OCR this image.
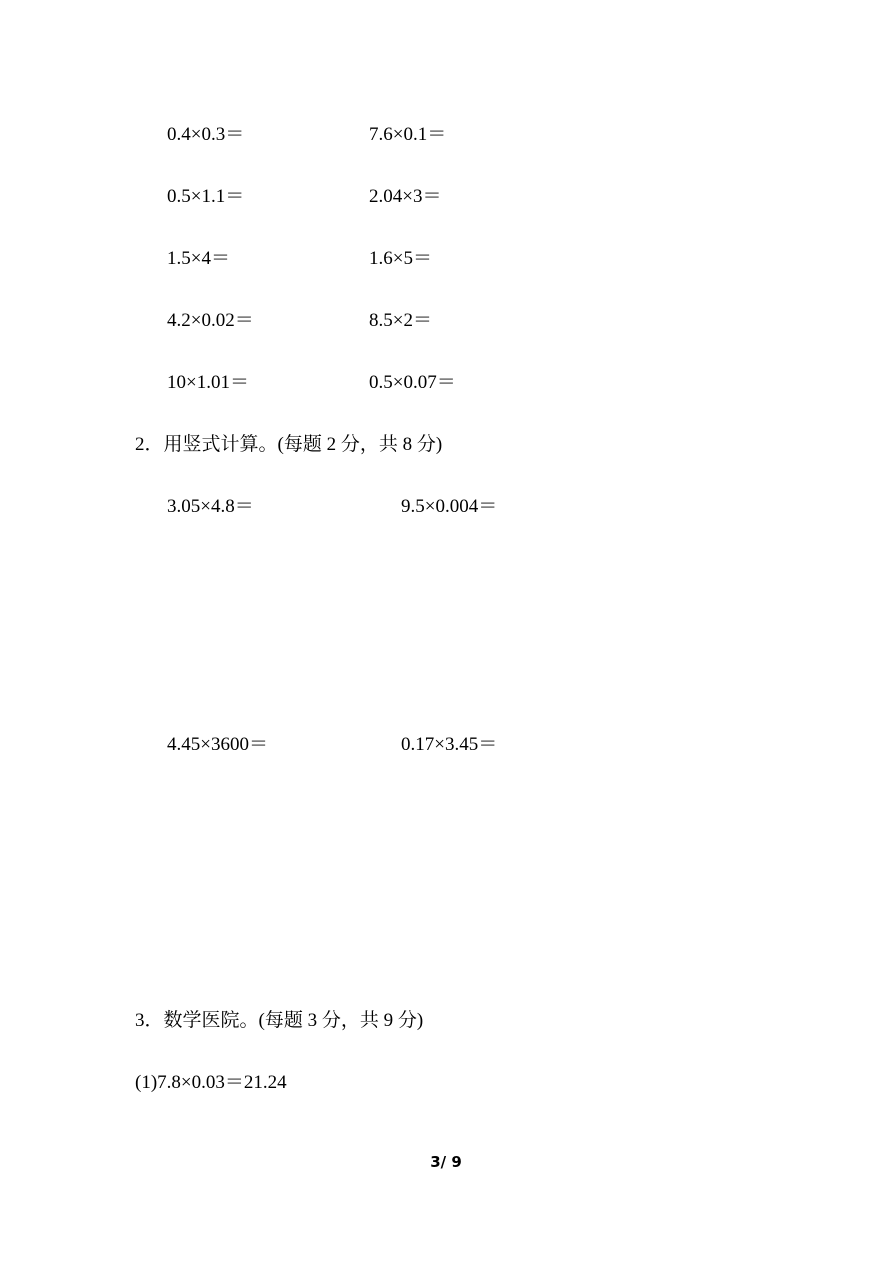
0.4×0.3＝	7.6×0.1＝
0.5×1.1＝	2.04×3＝
1.5×4＝	1.6×5＝
4.2×0.02＝	8.5×2＝
10×1.01＝	0.5×0.07＝
2．用竖式计算。(每题 2 分，共 8 分)
3.05×4.8＝	9.5×0.004＝
4.45×3600＝	0.17×3.45＝
3．数学医院。(每题 3 分，共 9 分)
(1)7.8×0.03＝21.24
3/ 9
